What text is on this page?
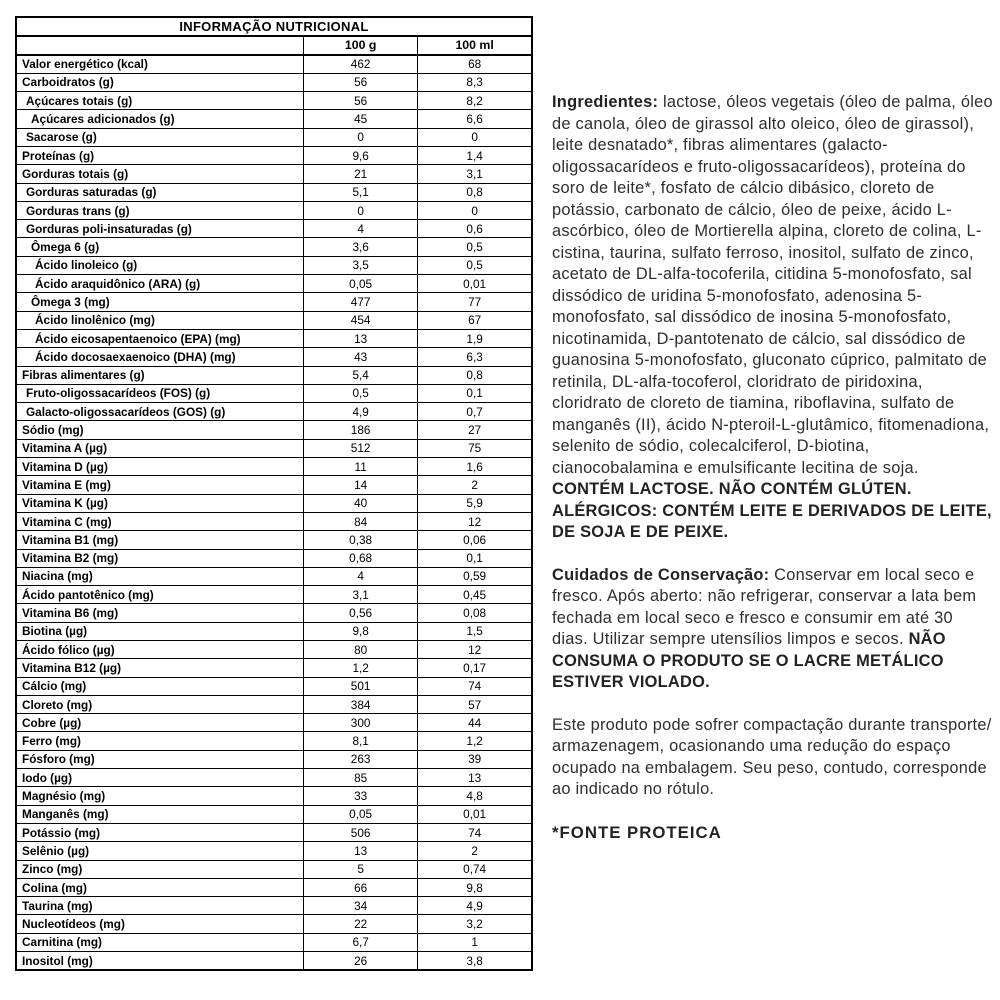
INFORMAÇÃO NUTRICIONAL		
	100 g	100 ml
Valor energético (kcal)	462	68
Carboidratos (g)	56	8,3
Açúcares totais (g)	56	8,2
Açúcares adicionados (g)	45	6,6
Sacarose (g)	0	0
Proteínas (g)	9,6	1,4
Gorduras totais (g)	21	3,1
Gorduras saturadas (g)	5,1	0,8
Gorduras trans (g)	0	0
Gorduras poli-insaturadas (g)	4	0,6
Ômega 6 (g)	3,6	0,5
Ácido linoleico (g)	3,5	0,5
Ácido araquidônico (ARA) (g)	0,05	0,01
Ômega 3 (mg)	477	77
Ácido linolênico (mg)	454	67
Ácido eicosapentaenoico (EPA) (mg)	13	1,9
Ácido docosaexaenoico (DHA) (mg)	43	6,3
Fibras alimentares (g)	5,4	0,8
Fruto-oligossacarídeos (FOS) (g)	0,5	0,1
Galacto-oligossacarídeos (GOS) (g)	4,9	0,7
Sódio (mg)	186	27
Vitamina A (µg)	512	75
Vitamina D (µg)	11	1,6
Vitamina E (mg)	14	2
Vitamina K (µg)	40	5,9
Vitamina C (mg)	84	12
Vitamina B1 (mg)	0,38	0,06
Vitamina B2 (mg)	0,68	0,1
Niacina (mg)	4	0,59
Ácido pantotênico (mg)	3,1	0,45
Vitamina B6 (mg)	0,56	0,08
Biotina (µg)	9,8	1,5
Ácido fólico (µg)	80	12
Vitamina B12 (µg)	1,2	0,17
Cálcio (mg)	501	74
Cloreto (mg)	384	57
Cobre (µg)	300	44
Ferro (mg)	8,1	1,2
Fósforo (mg)	263	39
Iodo (µg)	85	13
Magnésio (mg)	33	4,8
Manganês (mg)	0,05	0,01
Potássio (mg)	506	74
Selênio (µg)	13	2
Zinco (mg)	5	0,74
Colina (mg)	66	9,8
Taurina (mg)	34	4,9
Nucleotídeos (mg)	22	3,2
Carnitina (mg)	6,7	1
Inositol (mg)	26	3,8

Ingredientes: lactose, óleos vegetais (óleo de palma, óleo de canola, óleo de girassol alto oleico, óleo de girassol), leite desnatado*, fibras alimentares (galacto-oligossacarídeos e fruto-oligossacarídeos), proteína do soro de leite*, fosfato de cálcio dibásico, cloreto de potássio, carbonato de cálcio, óleo de peixe, ácido L-ascórbico, óleo de Mortierella alpina, cloreto de colina, L-cistina, taurina, sulfato ferroso, inositol, sulfato de zinco, acetato de DL-alfa-tocoferila, citidina 5-monofosfato, sal dissódico de uridina 5-monofosfato, adenosina 5-monofosfato, sal dissódico de inosina 5-monofosfato, nicotinamida, D-pantotenato de cálcio, sal dissódico de guanosina 5-monofosfato, gluconato cúprico, palmitato de retinila, DL-alfa-tocoferol, cloridrato de piridoxina, cloridrato de cloreto de tiamina, riboflavina, sulfato de manganês (II), ácido N-pteroil-L-glutâmico, fitomenadiona, selenito de sódio, colecalciferol, D-biotina, cianocobalamina e emulsificante lecitina de soja. CONTÉM LACTOSE. NÃO CONTÉM GLÚTEN. ALÉRGICOS: CONTÉM LEITE E DERIVADOS DE LEITE, DE SOJA E DE PEIXE.

Cuidados de Conservação: Conservar em local seco e fresco. Após aberto: não refrigerar, conservar a lata bem fechada em local seco e fresco e consumir em até 30 dias. Utilizar sempre utensílios limpos e secos. NÃO CONSUMA O PRODUTO SE O LACRE METÁLICO ESTIVER VIOLADO.

Este produto pode sofrer compactação durante transporte/ armazenagem, ocasionando uma redução do espaço ocupado na embalagem. Seu peso, contudo, corresponde ao indicado no rótulo.

*FONTE PROTEICA
